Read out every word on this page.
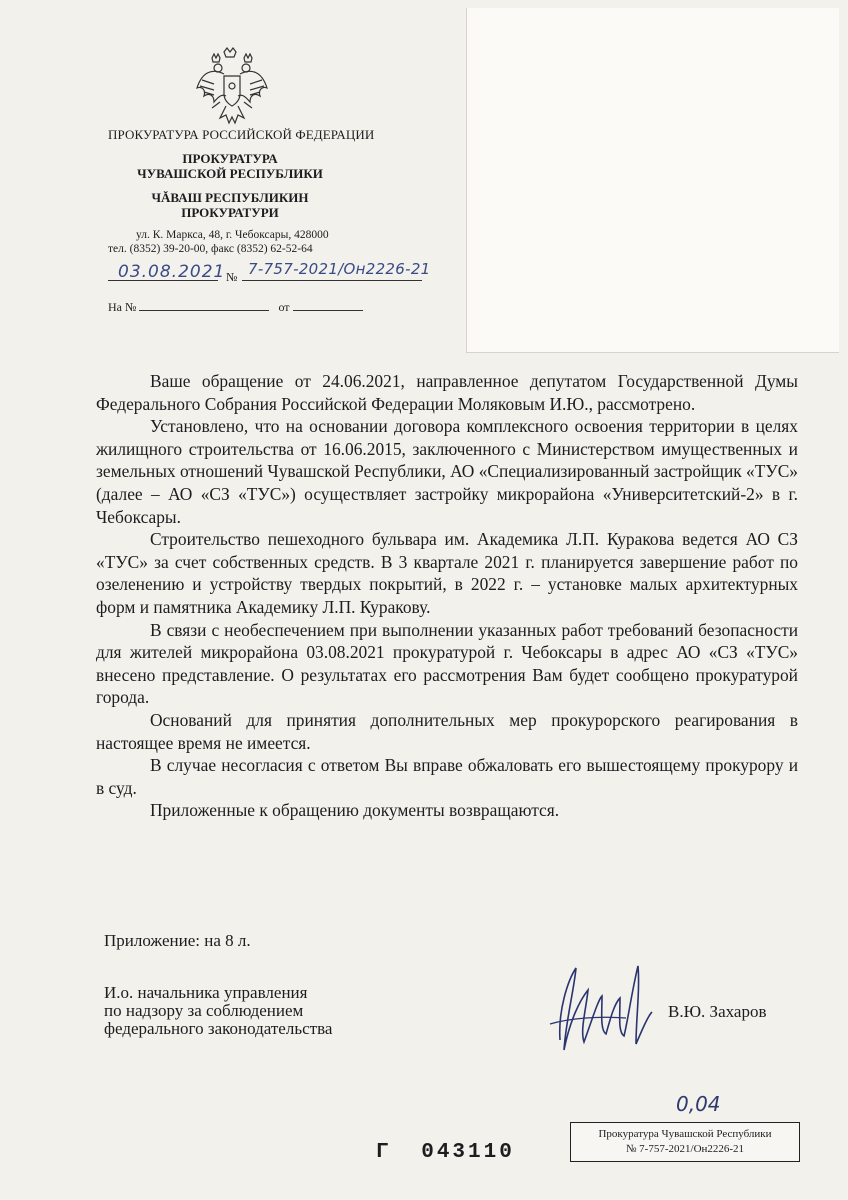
ПРОКУРАТУРА РОССИЙСКОЙ ФЕДЕРАЦИИ
ПРОКУРАТУРА
ЧУВАШСКОЙ РЕСПУБЛИКИ
ЧĂВАШ РЕСПУБЛИКИН
ПРОКУРАТУРИ
ул. К. Маркса, 48, г. Чебоксары, 428000
тел. (8352) 39-20-00, факс (8352) 62-52-64
03.08.2021 № 7-757-2021/Он2226-21
На №	от

Ваше обращение от 24.06.2021, направленное депутатом Государственной Думы Федерального Собрания Российской Федерации Моляковым И.Ю., рассмотрено.

Установлено, что на основании договора комплексного освоения территории в целях жилищного строительства от 16.06.2015, заключенного с Министерством имущественных и земельных отношений Чувашской Республики, АО «Специализированный застройщик «ТУС» (далее – АО «СЗ «ТУС») осуществляет застройку микрорайона «Университетский-2» в г. Чебоксары.

Строительство пешеходного бульвара им. Академика Л.П. Куракова ведется АО СЗ «ТУС» за счет собственных средств. В 3 квартале 2021 г. планируется завершение работ по озеленению и устройству твердых покрытий, в 2022 г. – установке малых архитектурных форм и памятника Академику Л.П. Куракову.

В связи с необеспечением при выполнении указанных работ требований безопасности для жителей микрорайона 03.08.2021 прокуратурой г. Чебоксары в адрес АО «СЗ «ТУС» внесено представление. О результатах его рассмотрения Вам будет сообщено прокуратурой города.

Оснований для принятия дополнительных мер прокурорского реагирования в настоящее время не имеется.

В случае несогласия с ответом Вы вправе обжаловать его вышестоящему прокурору и в суд.

Приложенные к обращению документы возвращаются.

Приложение: на 8 л.
И.о. начальника управления
по надзору за соблюдением
федерального законодательства
В.Ю. Захаров
0,04
Г 043110
Прокуратура Чувашской Республики
№ 7-757-2021/Он2226-21
